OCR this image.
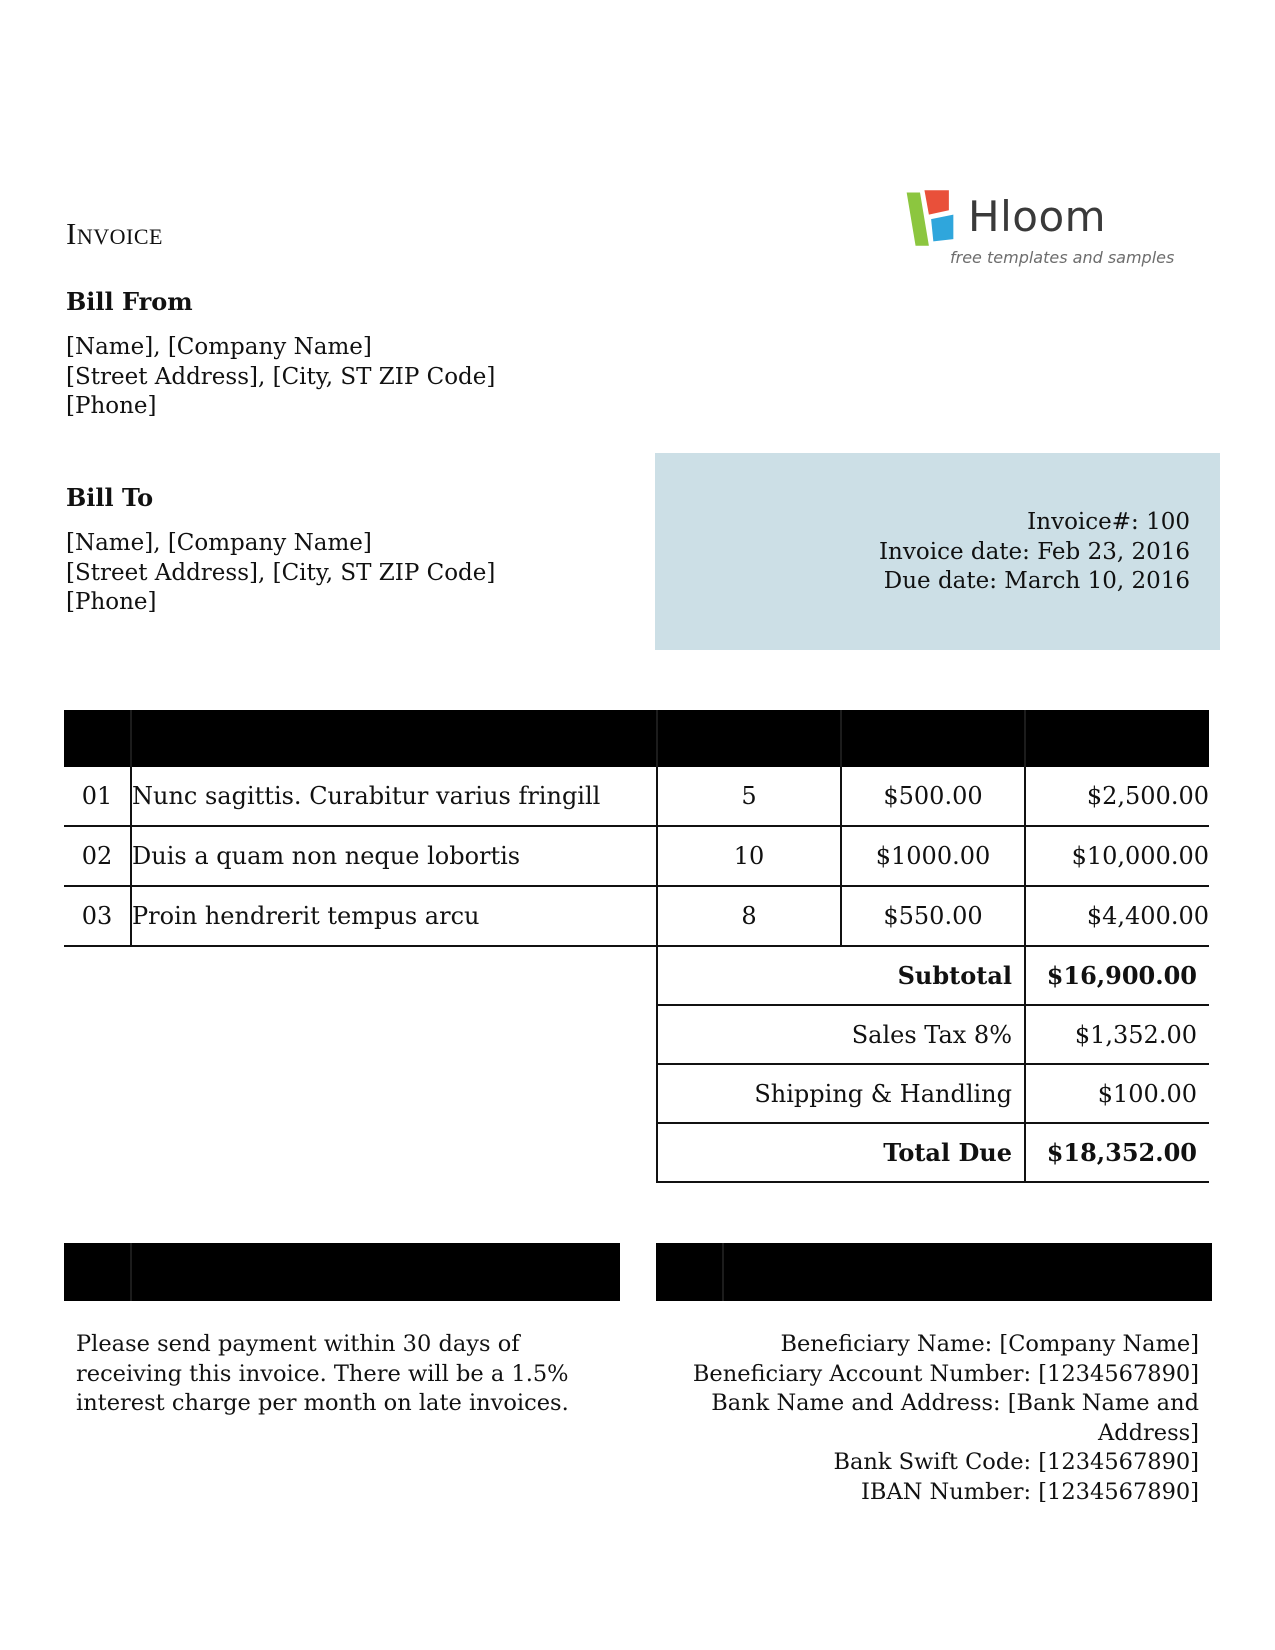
Invoice	Hloom
free templates and samples
Bill From
[Name], [Company Name]
[Street Address], [City, ST ZIP Code]
[Phone]
Bill To
[Name], [Company Name]
[Street Address], [City, ST ZIP Code]
[Phone]
Invoice#: 100
Invoice date: Feb 23, 2016
Due date: March 10, 2016

01	Nunc sagittis. Curabitur varius fringill	5	$500.00	$2,500.00
02	Duis a quam non neque lobortis	10	$1000.00	$10,000.00
03	Proin hendrerit tempus arcu	8	$550.00	$4,400.00
		Subtotal		$16,900.00
		Sales Tax 8%		$1,352.00
		Shipping & Handling		$100.00
		Total Due		$18,352.00
Please send payment within 30 days of receiving this invoice. There will be a 1.5% interest charge per month on late invoices.
Beneficiary Name: [Company Name]
Beneficiary Account Number: [1234567890]
Bank Name and Address: [Bank Name and Address]
Bank Swift Code: [1234567890]
IBAN Number: [1234567890]
